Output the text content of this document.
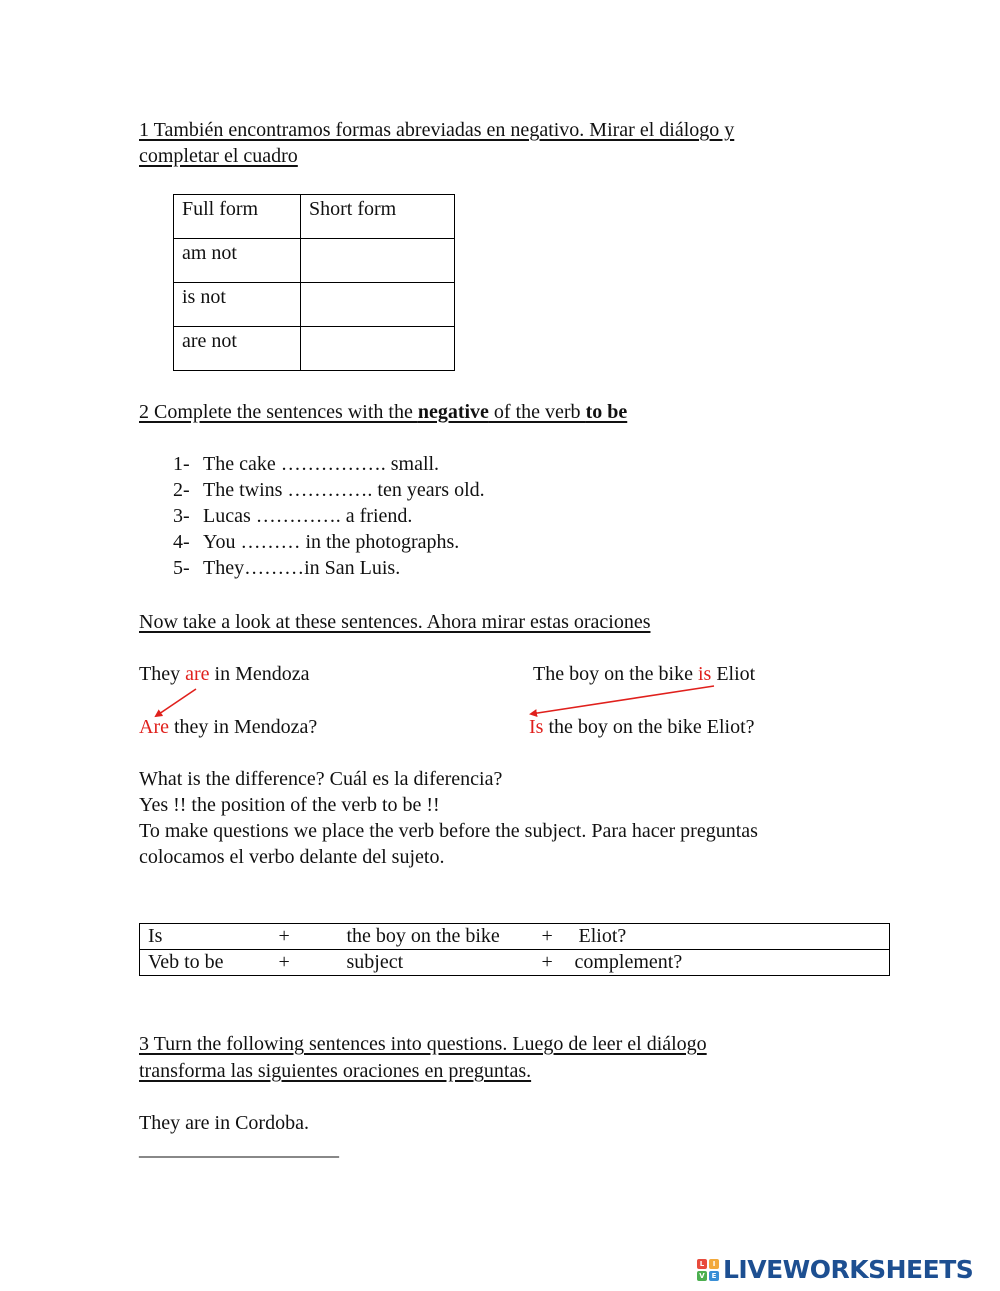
1 También encontramos formas abreviadas en negativo. Mirar el diálogo y
completar el cuadro
Full form	Short form
am not	
is not	
are not	
2 Complete the sentences with the negative of the verb to be
1- The cake ……………. small.
2- The twins …………. ten years old.
3- Lucas …………. a friend.
4- You ……… in the photographs.
5- They………in San Luis.
Now take a look at these sentences. Ahora mirar estas oraciones
They are in Mendoza	The boy on the bike is Eliot
Are they in Mendoza?	Is the boy on the bike Eliot?
What is the difference? Cuál es la diferencia?
Yes !! the position of the verb to be !!
To make questions we place the verb before the subject. Para hacer preguntas
colocamos el verbo delante del sujeto.
Is	+	the boy on the bike	+	Eliot?
Veb to be	+	subject	+	complement?
3 Turn the following sentences into questions. Luego de leer el diálogo
transforma las siguientes oraciones en preguntas.
They are in Cordoba.
____________________
L	I
V E LIVEWORKSHEETS
